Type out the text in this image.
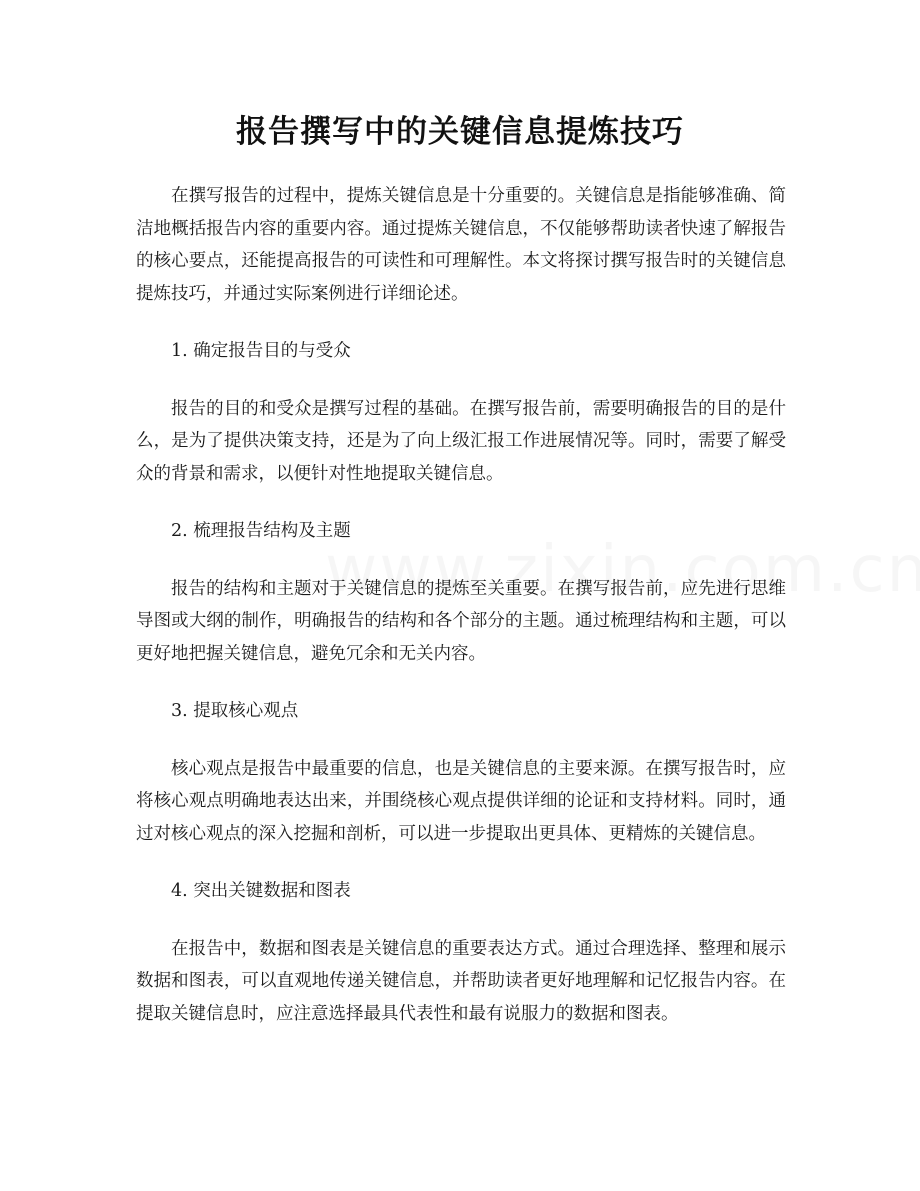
报告撰写中的关键信息提炼技巧

在撰写报告的过程中，提炼关键信息是十分重要的。关键信息是指能够准确、简洁地概括报告内容的重要内容。通过提炼关键信息，不仅能够帮助读者快速了解报告的核心要点，还能提高报告的可读性和可理解性。本文将探讨撰写报告时的关键信息提炼技巧，并通过实际案例进行详细论述。

1. 确定报告目的与受众

报告的目的和受众是撰写过程的基础。在撰写报告前，需要明确报告的目的是什么，是为了提供决策支持，还是为了向上级汇报工作进展情况等。同时，需要了解受众的背景和需求，以便针对性地提取关键信息。

2. 梳理报告结构及主题

报告的结构和主题对于关键信息的提炼至关重要。在撰写报告前，应先进行思维导图或大纲的制作，明确报告的结构和各个部分的主题。通过梳理结构和主题，可以更好地把握关键信息，避免冗余和无关内容。

3. 提取核心观点

核心观点是报告中最重要的信息，也是关键信息的主要来源。在撰写报告时，应将核心观点明确地表达出来，并围绕核心观点提供详细的论证和支持材料。同时，通过对核心观点的深入挖掘和剖析，可以进一步提取出更具体、更精炼的关键信息。

4. 突出关键数据和图表

在报告中，数据和图表是关键信息的重要表达方式。通过合理选择、整理和展示数据和图表，可以直观地传递关键信息，并帮助读者更好地理解和记忆报告内容。在提取关键信息时，应注意选择最具代表性和最有说服力的数据和图表。
